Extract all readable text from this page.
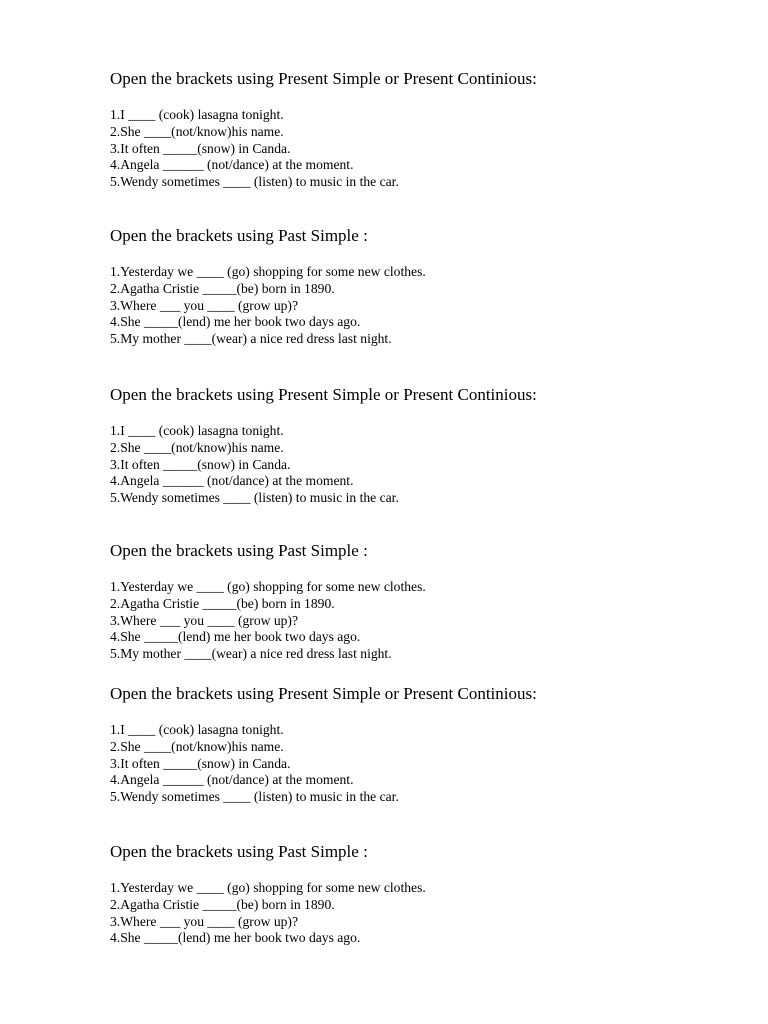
Open the brackets using Present Simple or Present Continious:

1.I ____ (cook) lasagna tonight.
2.She ____(not/know)his name.
3.It often _____(snow) in Canda.
4.Angela ______ (not/dance) at the moment.
5.Wendy sometimes ____ (listen) to music in the car.

Open the brackets using Past Simple :

1.Yesterday we ____ (go) shopping for some new clothes.
2.Agatha Cristie _____(be) born in 1890.
3.Where ___ you ____ (grow up)?
4.She _____(lend) me her book two days ago.
5.My mother ____(wear) a nice red dress last night.

Open the brackets using Present Simple or Present Continious:

1.I ____ (cook) lasagna tonight.
2.She ____(not/know)his name.
3.It often _____(snow) in Canda.
4.Angela ______ (not/dance) at the moment.
5.Wendy sometimes ____ (listen) to music in the car.

Open the brackets using Past Simple :

1.Yesterday we ____ (go) shopping for some new clothes.
2.Agatha Cristie _____(be) born in 1890.
3.Where ___ you ____ (grow up)?
4.She _____(lend) me her book two days ago.
5.My mother ____(wear) a nice red dress last night.

Open the brackets using Present Simple or Present Continious:

1.I ____ (cook) lasagna tonight.
2.She ____(not/know)his name.
3.It often _____(snow) in Canda.
4.Angela ______ (not/dance) at the moment.
5.Wendy sometimes ____ (listen) to music in the car.

Open the brackets using Past Simple :

1.Yesterday we ____ (go) shopping for some new clothes.
2.Agatha Cristie _____(be) born in 1890.
3.Where ___ you ____ (grow up)?
4.She _____(lend) me her book two days ago.
